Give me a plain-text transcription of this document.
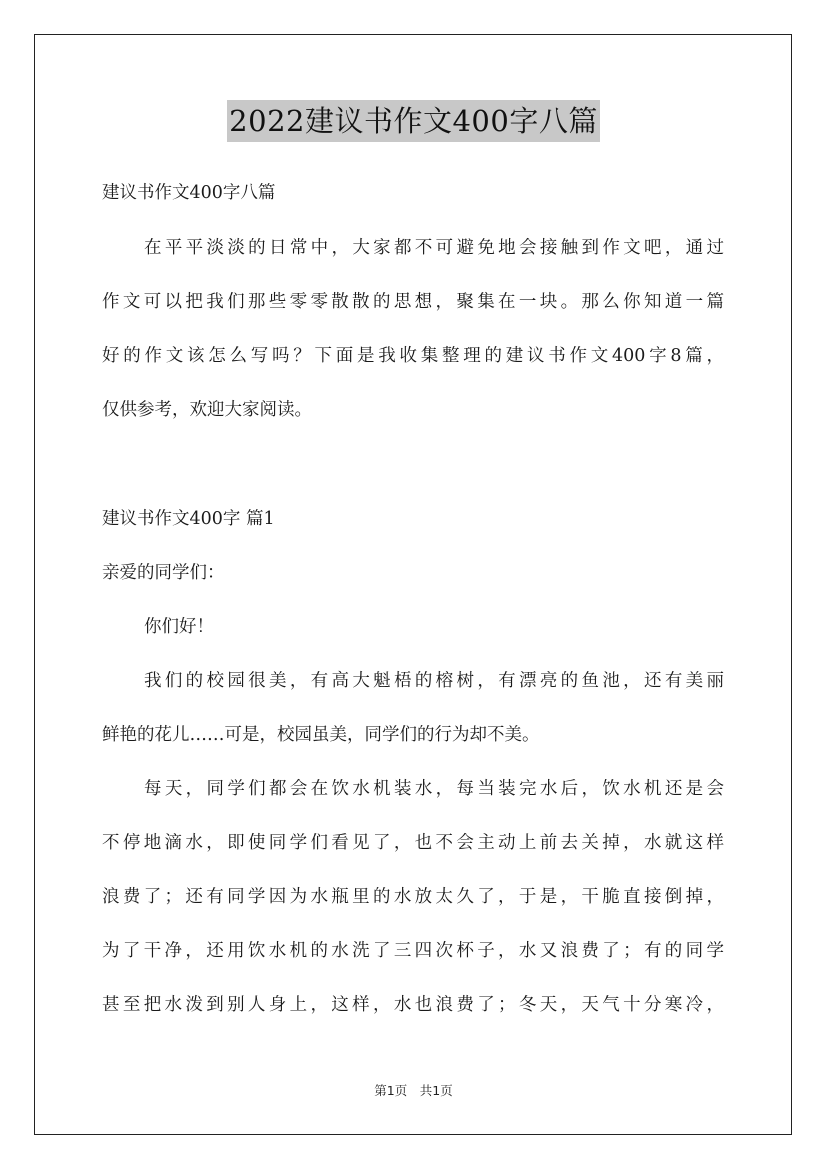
2022建议书作文400字八篇
建议书作文400字八篇
在平平淡淡的日常中，大家都不可避免地会接触到作文吧，通过
作文可以把我们那些零零散散的思想，聚集在一块。那么你知道一篇
好的作文该怎么写吗？下面是我收集整理的建议书作文400字8篇，
仅供参考，欢迎大家阅读。
建议书作文400字 篇1
亲爱的同学们：
你们好！
我们的校园很美，有高大魁梧的榕树，有漂亮的鱼池，还有美丽
鲜艳的花儿……可是，校园虽美，同学们的行为却不美。
每天，同学们都会在饮水机装水，每当装完水后，饮水机还是会
不停地滴水，即使同学们看见了，也不会主动上前去关掉，水就这样
浪费了；还有同学因为水瓶里的水放太久了，于是，干脆直接倒掉，
为了干净，还用饮水机的水洗了三四次杯子，水又浪费了；有的同学
甚至把水泼到别人身上，这样，水也浪费了；冬天，天气十分寒冷，
第1页　共1页
